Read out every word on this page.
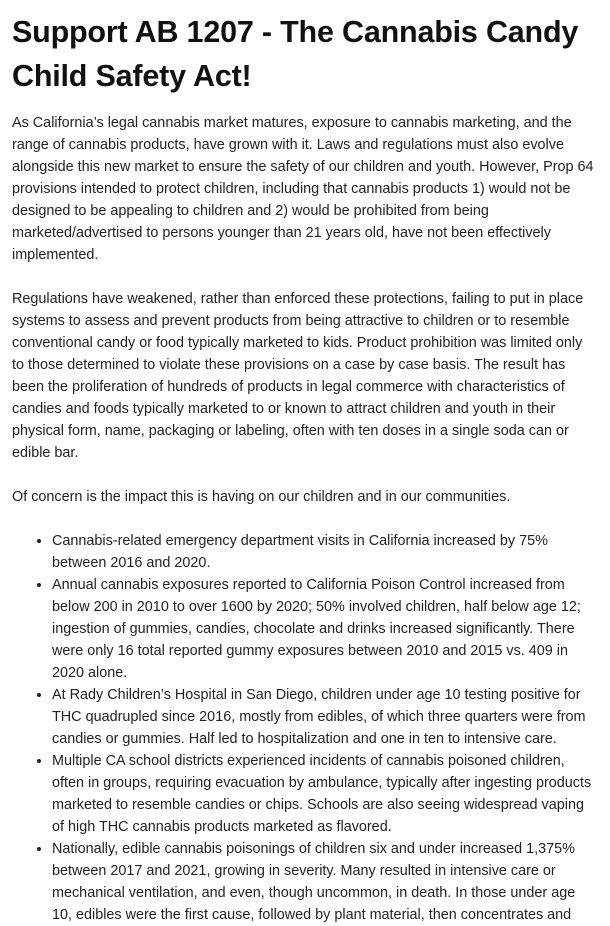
Support AB 1207 - The Cannabis Candy Child Safety Act!

As California’s legal cannabis market matures, exposure to cannabis marketing, and the range of cannabis products, have grown with it. Laws and regulations must also evolve alongside this new market to ensure the safety of our children and youth. However, Prop 64 provisions intended to protect children, including that cannabis products 1) would not be designed to be appealing to children and 2) would be prohibited from being marketed/advertised to persons younger than 21 years old, have not been effectively implemented.

Regulations have weakened, rather than enforced these protections, failing to put in place systems to assess and prevent products from being attractive to children or to resemble conventional candy or food typically marketed to kids. Product prohibition was limited only to those determined to violate these provisions on a case by case basis. The result has been the proliferation of hundreds of products in legal commerce with characteristics of candies and foods typically marketed to or known to attract children and youth in their physical form, name, packaging or labeling, often with ten doses in a single soda can or edible bar.

Of concern is the impact this is having on our children and in our communities.

• Cannabis-related emergency department visits in California increased by 75% between 2016 and 2020.
• Annual cannabis exposures reported to California Poison Control increased from below 200 in 2010 to over 1600 by 2020; 50% involved children, half below age 12; ingestion of gummies, candies, chocolate and drinks increased significantly. There were only 16 total reported gummy exposures between 2010 and 2015 vs. 409 in 2020 alone.
• At Rady Children’s Hospital in San Diego, children under age 10 testing positive for THC quadrupled since 2016, mostly from edibles, of which three quarters were from candies or gummies. Half led to hospitalization and one in ten to intensive care.
• Multiple CA school districts experienced incidents of cannabis poisoned children, often in groups, requiring evacuation by ambulance, typically after ingesting products marketed to resemble candies or chips. Schools are also seeing widespread vaping of high THC cannabis products marketed as flavored.
• Nationally, edible cannabis poisonings of children six and under increased 1,375% between 2017 and 2021, growing in severity. Many resulted in intensive care or mechanical ventilation, and even, though uncommon, in death. In those under age 10, edibles were the first cause, followed by plant material, then concentrates and
